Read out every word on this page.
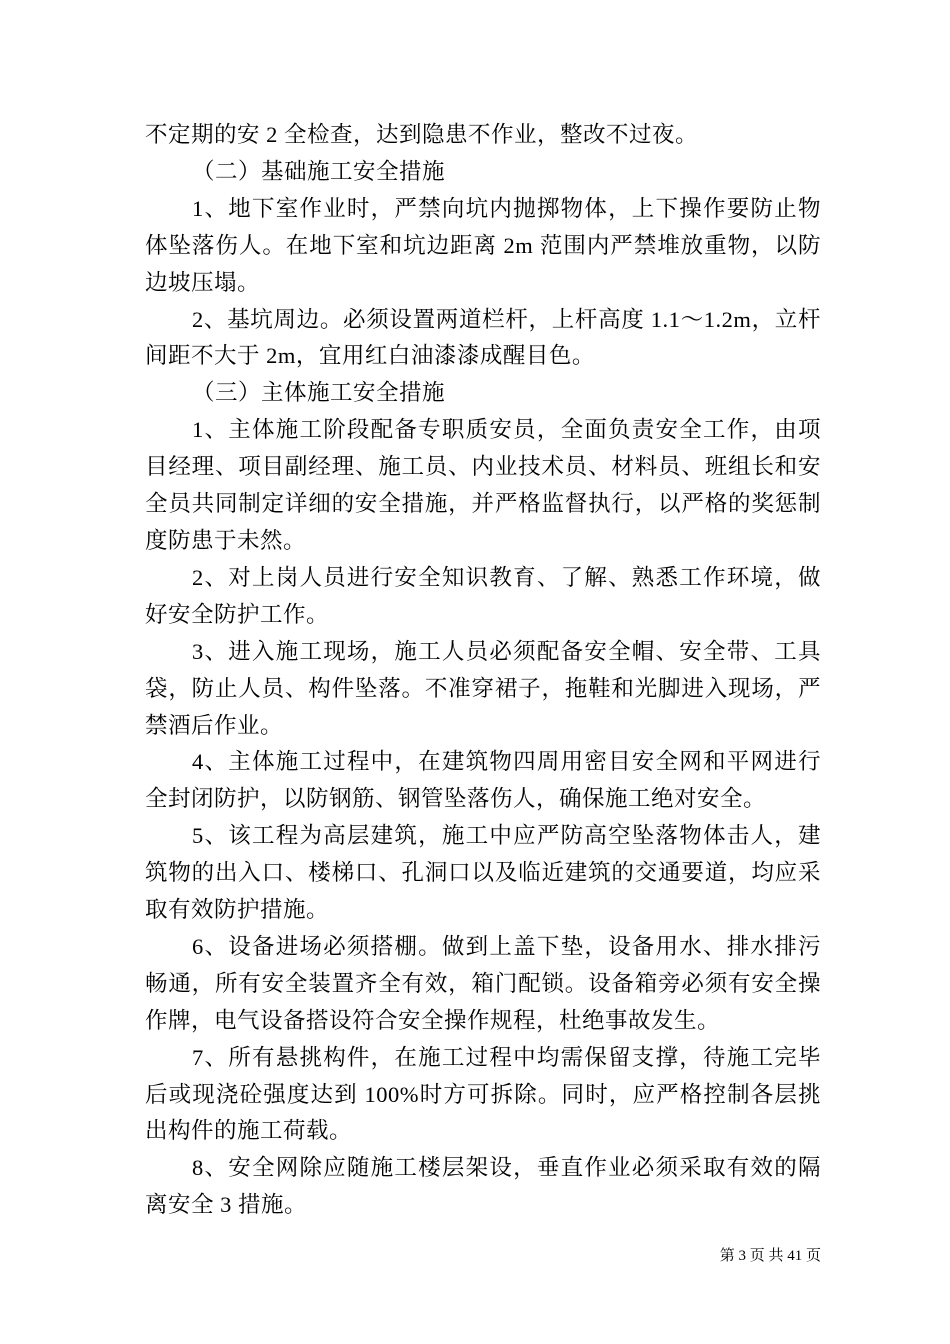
不定期的安 2 全检查，达到隐患不作业，整改不过夜。

（二）基础施工安全措施

1、地下室作业时，严禁向坑内抛掷物体，上下操作要防止物体坠落伤人。在地下室和坑边距离 2m 范围内严禁堆放重物，以防边坡压塌。

2、基坑周边。必须设置两道栏杆，上杆高度 1.1～1.2m，立杆间距不大于 2m，宜用红白油漆漆成醒目色。

（三）主体施工安全措施

1、主体施工阶段配备专职质安员，全面负责安全工作，由项目经理、项目副经理、施工员、内业技术员、材料员、班组长和安全员共同制定详细的安全措施，并严格监督执行，以严格的奖惩制度防患于未然。

2、对上岗人员进行安全知识教育、了解、熟悉工作环境，做好安全防护工作。

3、进入施工现场，施工人员必须配备安全帽、安全带、工具袋，防止人员、构件坠落。不准穿裙子，拖鞋和光脚进入现场，严禁酒后作业。

4、主体施工过程中，在建筑物四周用密目安全网和平网进行全封闭防护，以防钢筋、钢管坠落伤人，确保施工绝对安全。

5、该工程为高层建筑，施工中应严防高空坠落物体击人，建筑物的出入口、楼梯口、孔洞口以及临近建筑的交通要道，均应采取有效防护措施。

6、设备进场必须搭棚。做到上盖下垫，设备用水、排水排污畅通，所有安全装置齐全有效，箱门配锁。设备箱旁必须有安全操作牌，电气设备搭设符合安全操作规程，杜绝事故发生。

7、所有悬挑构件，在施工过程中均需保留支撑，待施工完毕后或现浇砼强度达到 100%时方可拆除。同时，应严格控制各层挑出构件的施工荷载。

8、安全网除应随施工楼层架设，垂直作业必须采取有效的隔离安全 3 措施。

第 3 页 共 41 页
